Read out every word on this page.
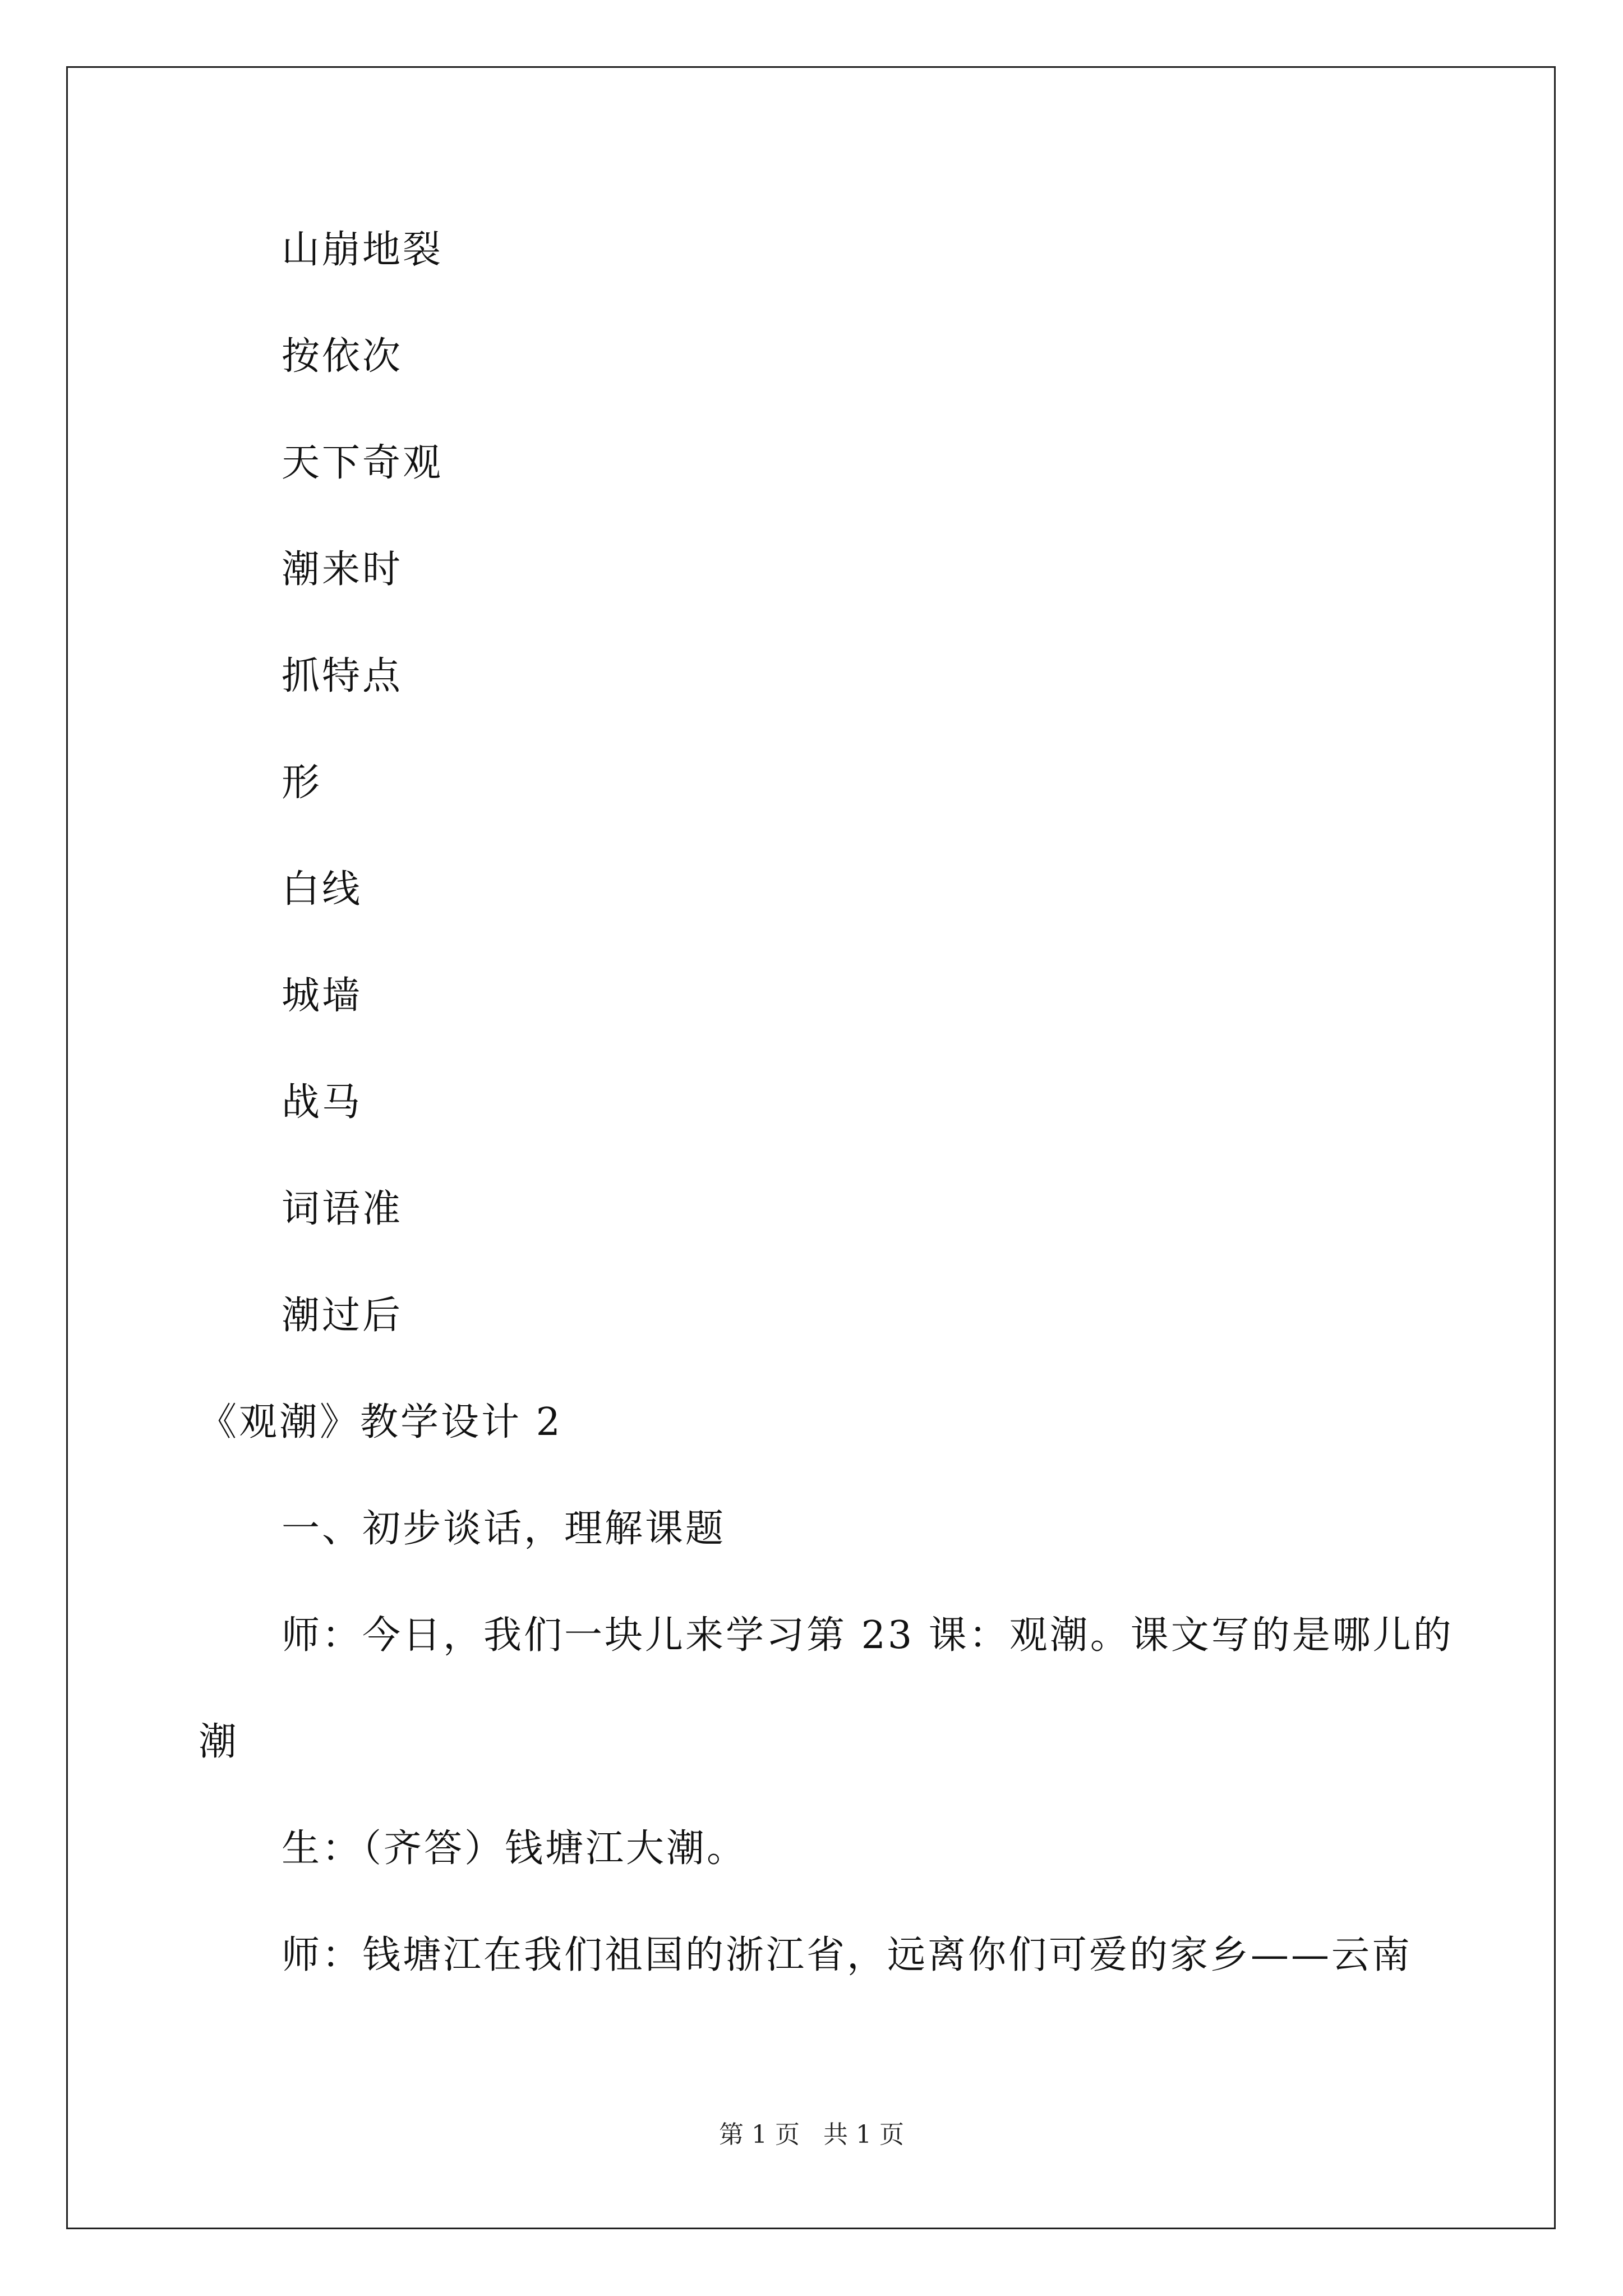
山崩地裂
按依次
天下奇观
潮来时
抓特点
形
白线
城墙
战马
词语准
潮过后
《观潮》教学设计 2
一、初步谈话，理解课题
师：今日，我们一块儿来学习第 23 课：观潮。课文写的是哪儿的
潮
生：（齐答）钱塘江大潮。
师：钱塘江在我们祖国的浙江省，远离你们可爱的家乡——云南
第 1 页 共 1 页
